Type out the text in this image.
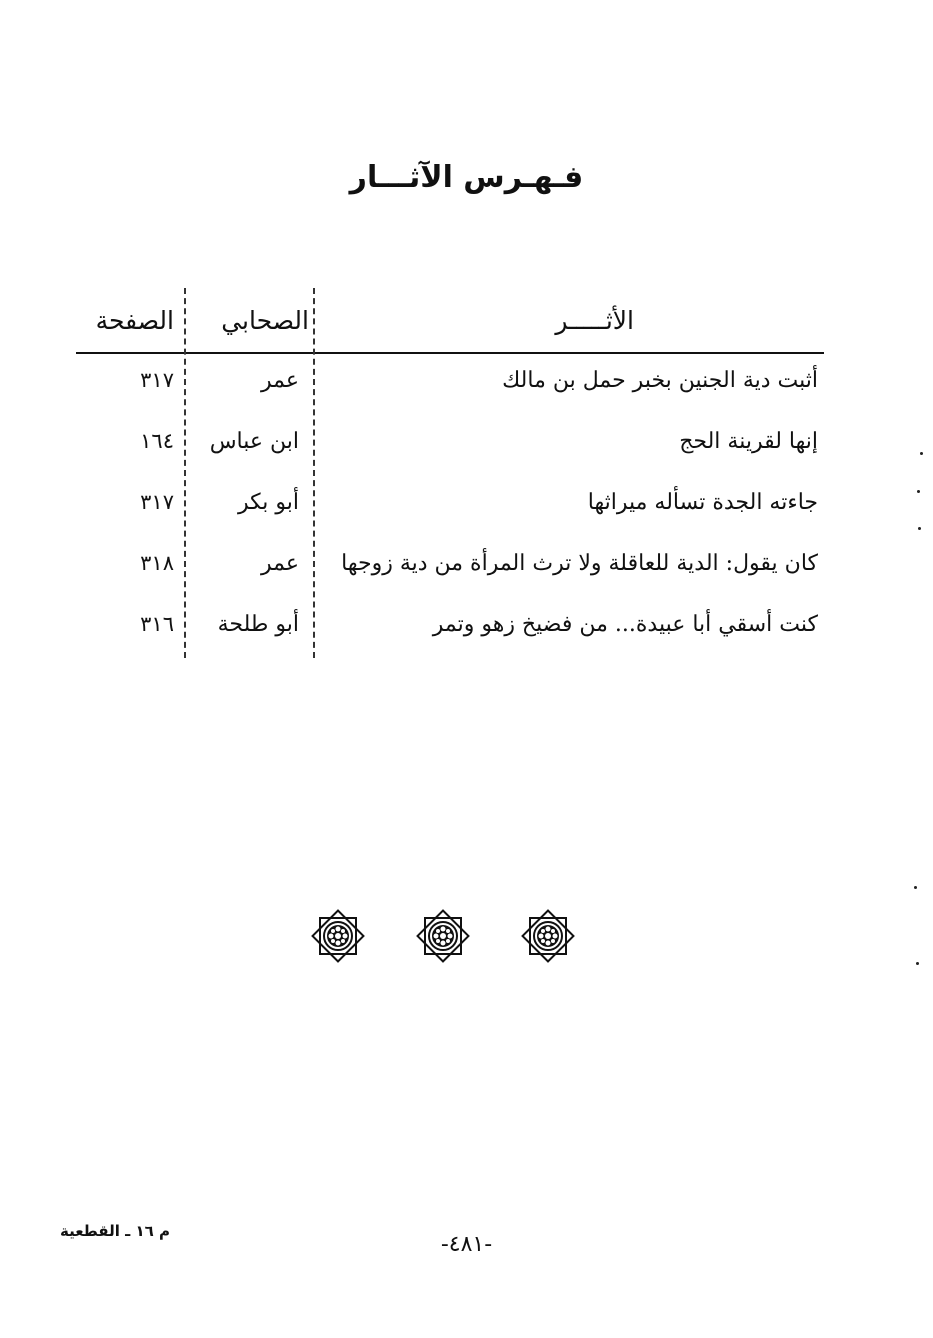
فـهـرس الآثـــار
الأثـــــر
الصحابي
الصفحة
أثبت دية الجنين بخبر حمل بن مالك
عمر
٣١٧
إنها لقرينة الحج
ابن عباس
١٦٤
جاءته الجدة تسأله ميراثها
أبو بكر
٣١٧
كان يقول: الدية للعاقلة ولا ترث المرأة من دية زوجها
عمر
٣١٨
كنت أسقي أبا عبيدة... من فضيخ زهو وتمر
أبو طلحة
٣١٦
م ١٦ ـ القطعية
-٤٨١-
